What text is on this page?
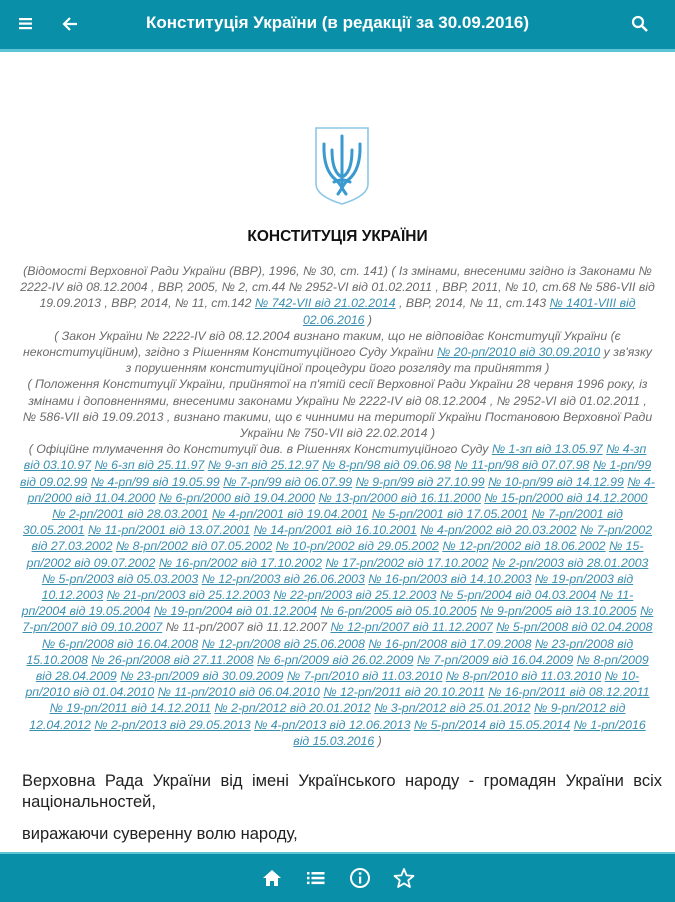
Конституція України (в редакції за 30.09.2016)
КОНСТИТУЦІЯ УКРАЇНИ
(Відомості Верховної Ради України (ВВР), 1996, № 30, ст. 141) ( Із змінами, внесеними згідно із Законами № 2222-IV від 08.12.2004 , ВВР, 2005, № 2, ст.44 № 2952-VI від 01.02.2011 , ВВР, 2011, № 10, ст.68 № 586-VII від 19.09.2013 , ВВР, 2014, № 11, ст.142 № 742-VII від 21.02.2014 , ВВР, 2014, № 11, ст.143 № 1401-VIII від 02.06.2016 )
( Закон України № 2222-IV від 08.12.2004 визнано таким, що не відповідає Конституції України (є неконституційним), згідно з Рішенням Конституційного Суду України № 20-рп/2010 від 30.09.2010 у зв'язку з порушенням конституційної процедури його розгляду та прийняття )
( Положення Конституції України, прийнятої на п'ятій сесії Верховної Ради України 28 червня 1996 року, із змінами і доповненнями, внесеними законами України № 2222-IV від 08.12.2004 , № 2952-VI від 01.02.2011 , № 586-VII від 19.09.2013 , визнано такими, що є чинними на території України Постановою Верховної Ради України № 750-VII від 22.02.2014 )
( Офіційне тлумачення до Конституції див. в Рішеннях Конституційного Суду № 1-зп від 13.05.97 № 4-зп від 03.10.97 № 6-зп від 25.11.97 № 9-зп від 25.12.97 № 8-рп/98 від 09.06.98 № 11-рп/98 від 07.07.98 № 1-рп/99 від 09.02.99 № 4-рп/99 від 19.05.99 № 7-рп/99 від 06.07.99 № 9-рп/99 від 27.10.99 № 10-рп/99 від 14.12.99 № 4-рп/2000 від 11.04.2000 № 6-рп/2000 від 19.04.2000 № 13-рп/2000 від 16.11.2000 № 15-рп/2000 від 14.12.2000 № 2-рп/2001 від 28.03.2001 № 4-рп/2001 від 19.04.2001 № 5-рп/2001 від 17.05.2001 № 7-рп/2001 від 30.05.2001 № 11-рп/2001 від 13.07.2001 № 14-рп/2001 від 16.10.2001 № 4-рп/2002 від 20.03.2002 № 7-рп/2002 від 27.03.2002 № 8-рп/2002 від 07.05.2002 № 10-рп/2002 від 29.05.2002 № 12-рп/2002 від 18.06.2002 № 15-рп/2002 від 09.07.2002 № 16-рп/2002 від 17.10.2002 № 17-рп/2002 від 17.10.2002 № 2-рп/2003 від 28.01.2003 № 5-рп/2003 від 05.03.2003 № 12-рп/2003 від 26.06.2003 № 16-рп/2003 від 14.10.2003 № 19-рп/2003 від 10.12.2003 № 21-рп/2003 від 25.12.2003 № 22-рп/2003 від 25.12.2003 № 5-рп/2004 від 04.03.2004 № 11-рп/2004 від 19.05.2004 № 19-рп/2004 від 01.12.2004 № 6-рп/2005 від 05.10.2005 № 9-рп/2005 від 13.10.2005 № 7-рп/2007 від 09.10.2007 № 11-рп/2007 від 11.12.2007 № 12-рп/2007 від 11.12.2007 № 5-рп/2008 від 02.04.2008 № 6-рп/2008 від 16.04.2008 № 12-рп/2008 від 25.06.2008 № 16-рп/2008 від 17.09.2008 № 23-рп/2008 від 15.10.2008 № 26-рп/2008 від 27.11.2008 № 6-рп/2009 від 26.02.2009 № 7-рп/2009 від 16.04.2009 № 8-рп/2009 від 28.04.2009 № 23-рп/2009 від 30.09.2009 № 7-рп/2010 від 11.03.2010 № 8-рп/2010 від 11.03.2010 № 10-рп/2010 від 01.04.2010 № 11-рп/2010 від 06.04.2010 № 12-рп/2011 від 20.10.2011 № 16-рп/2011 від 08.12.2011 № 19-рп/2011 від 14.12.2011 № 2-рп/2012 від 20.01.2012 № 3-рп/2012 від 25.01.2012 № 9-рп/2012 від 12.04.2012 № 2-рп/2013 від 29.05.2013 № 4-рп/2013 від 12.06.2013 № 5-рп/2014 від 15.05.2014 № 1-рп/2016 від 15.03.2016 )
Верховна Рада України від імені Українського народу - громадян України всіх національностей,
виражаючи суверенну волю народу,
